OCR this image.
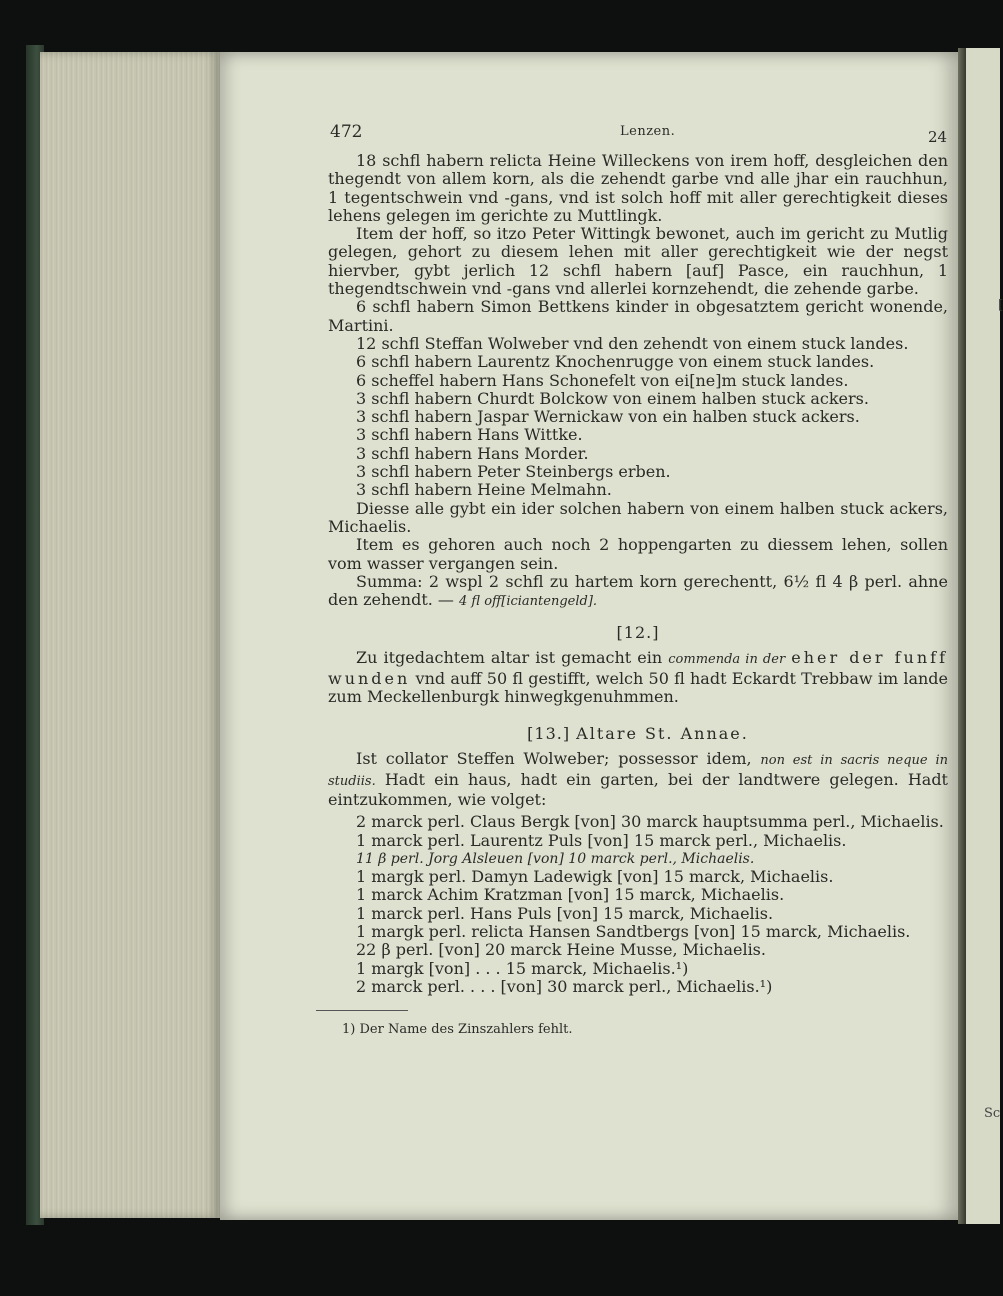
[
Sc
472	Lenzen.	24

18 schfl habern relicta Heine Willeckens von irem hoff, desgleichen den thegendt von allem korn, als die zehendt garbe vnd alle jhar ein rauchhun, 1 tegentschwein vnd -gans, vnd ist solch hoff mit aller gerechtigkeit dieses lehens gelegen im gerichte zu Muttlingk.

Item der hoff, so itzo Peter Wittingk bewonet, auch im gericht zu Mutlig gelegen, gehort zu diesem lehen mit aller gerechtigkeit wie der negst hiervber, gybt jerlich 12 schfl habern [auf] Pasce, ein rauchhun, 1 thegendtschwein vnd -gans vnd allerlei kornzehendt, die zehende garbe.

6 schfl habern Simon Bettkens kinder in obgesatztem gericht wonende, Martini.

12 schfl Steffan Wolweber vnd den zehendt von einem stuck landes.

6 schfl habern Laurentz Knochenrugge von einem stuck landes.

6 scheffel habern Hans Schonefelt von ei[ne]m stuck landes.

3 schfl habern Churdt Bolckow von einem halben stuck ackers.

3 schfl habern Jaspar Wernickaw von ein halben stuck ackers.

3 schfl habern Hans Wittke.

3 schfl habern Hans Morder.

3 schfl habern Peter Steinbergs erben.

3 schfl habern Heine Melmahn.

Diesse alle gybt ein ider solchen habern von einem halben stuck ackers, Michaelis.

Item es gehoren auch noch 2 hoppengarten zu diessem lehen, sollen vom wasser vergangen sein.

Summa: 2 wspl 2 schfl zu hartem korn gerechentt, 6½ fl 4 β perl. ahne den zehendt. — 4 fl off[iciantengeld].

[12.]

Zu itgedachtem altar ist gemacht ein commenda in der eher der funff wunden vnd auff 50 fl gestifft, welch 50 fl hadt Eckardt Trebbaw im lande zum Meckellenburgk hinwegkgenuhmmen.

[13.] Altare St. Annae.

Ist collator Steffen Wolweber; possessor idem, non est in sacris neque in studiis. Hadt ein haus, hadt ein garten, bei der landtwere gelegen. Hadt eintzukommen, wie volget:

2 marck perl. Claus Bergk [von] 30 marck hauptsumma perl., Michaelis.

1 marck perl. Laurentz Puls [von] 15 marck perl., Michaelis.

11 β perl. Jorg Alsleuen [von] 10 marck perl., Michaelis.

1 margk perl. Damyn Ladewigk [von] 15 marck, Michaelis.

1 marck Achim Kratzman [von] 15 marck, Michaelis.

1 marck perl. Hans Puls [von] 15 marck, Michaelis.

1 margk perl. relicta Hansen Sandtbergs [von] 15 marck, Michaelis.

22 β perl. [von] 20 marck Heine Musse, Michaelis.

1 margk [von] . . . 15 marck, Michaelis.¹)

2 marck perl. . . . [von] 30 marck perl., Michaelis.¹)

1) Der Name des Zinszahlers fehlt.
